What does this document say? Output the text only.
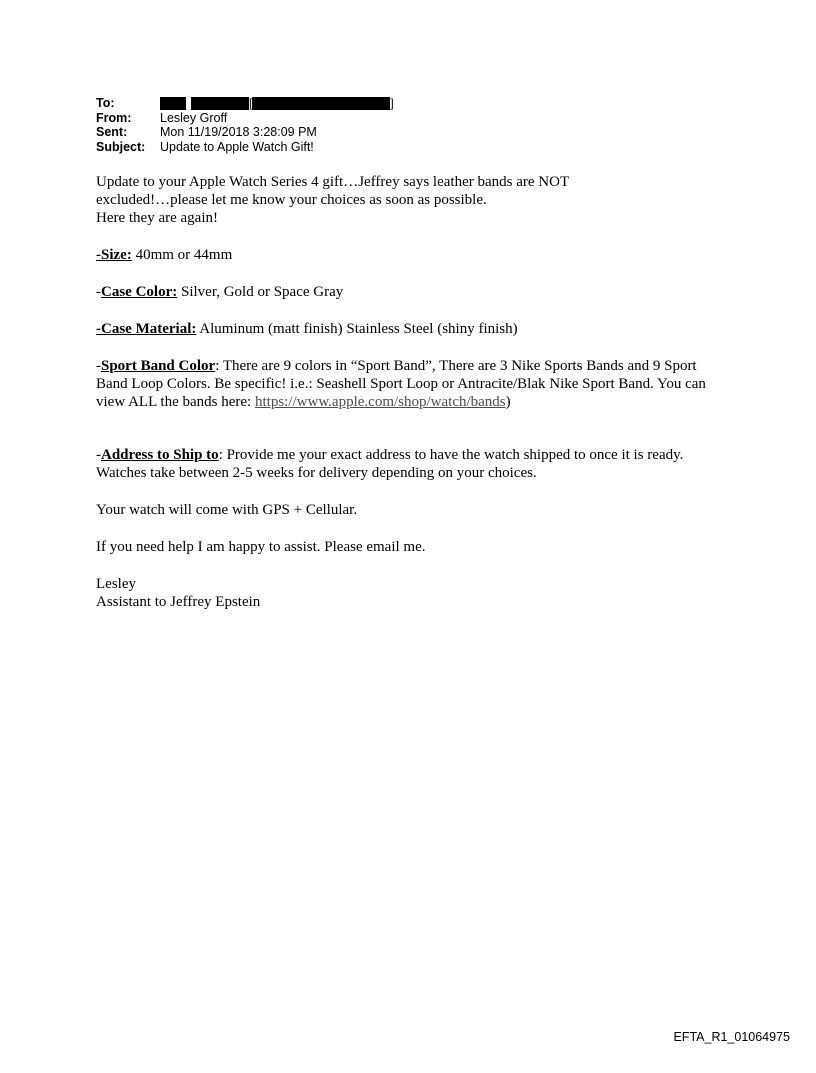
To:	[	]
From:	Lesley Groff
Sent:	Mon 11/19/2018 3:28:09 PM
Subject:	Update to Apple Watch Gift!

Update to your Apple Watch Series 4 gift…Jeffrey says leather bands are NOT
excluded!…please let me know your choices as soon as possible.
Here they are again!

-Size: 40mm or 44mm

-Case Color: Silver, Gold or Space Gray

-Case Material: Aluminum (matt finish) Stainless Steel (shiny finish)

-Sport Band Color: There are 9 colors in “Sport Band”, There are 3 Nike Sports Bands and 9 Sport Band Loop Colors. Be specific! i.e.: Seashell Sport Loop or Antracite/Blak Nike Sport Band. You can view ALL the bands here: https://www.apple.com/shop/watch/bands)

-Address to Ship to: Provide me your exact address to have the watch shipped to once it is ready. Watches take between 2-5 weeks for delivery depending on your choices.

Your watch will come with GPS + Cellular.

If you need help I am happy to assist. Please email me.

Lesley
Assistant to Jeffrey Epstein

EFTA_R1_01064975
